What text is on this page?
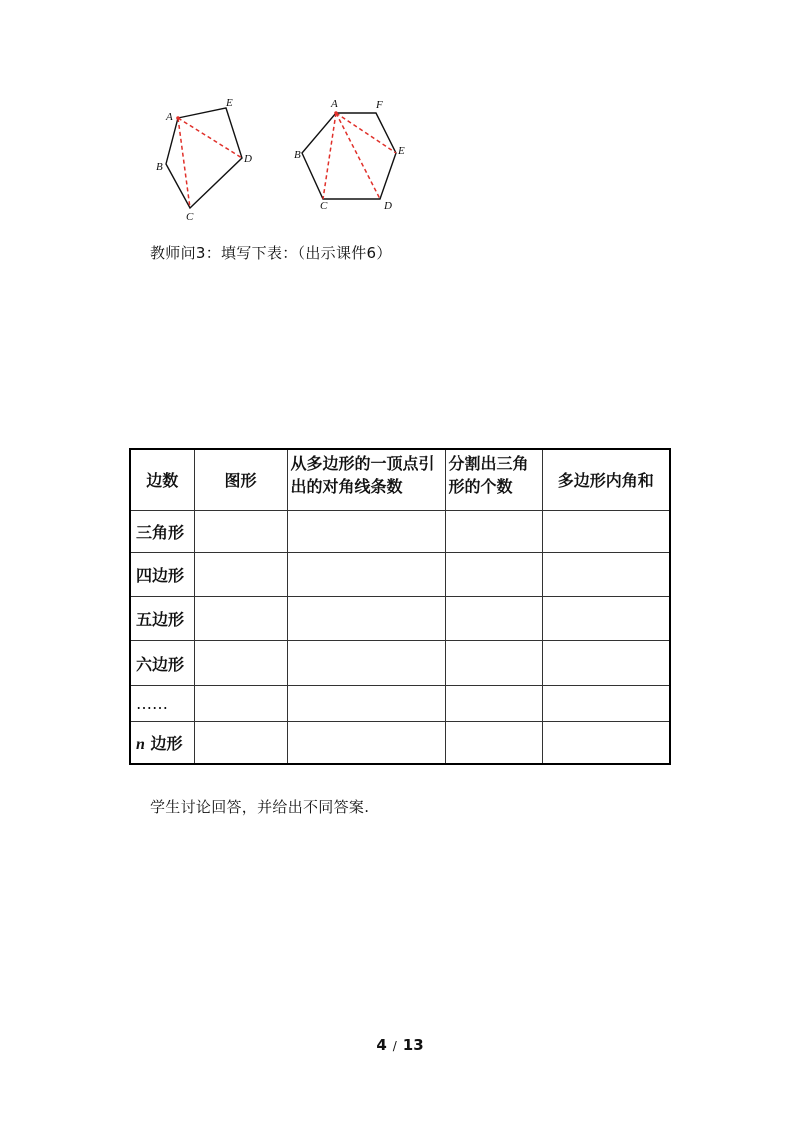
A
E
D
B
C
A	F
E
B
C	D
教师问3：填写下表：（出示课件6）
边数	图形	从多边形的一顶点引出的对角线条数	分割出三角形的个数	多边形内角和
三角形				
四边形				
五边形				
六边形				
……				
n 边形				
学生讨论回答，并给出不同答案.
4 / 13
